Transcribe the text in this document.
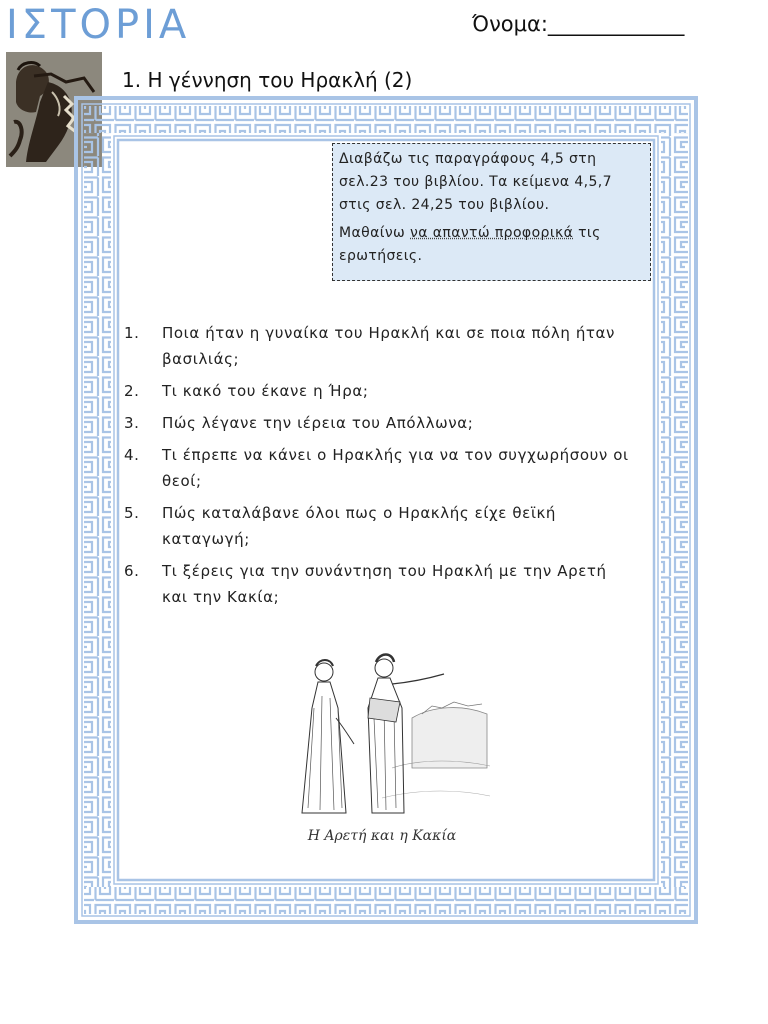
ΙΣΤΟΡΙΑ	Όνομα:_____________
1. Η γέννηση του Ηρακλή (2)

Διαβάζω τις παραγράφους 4,5 στη σελ.23 του βιβλίου. Τα κείμενα 4,5,7 στις σελ. 24,25 του βιβλίου.

Μαθαίνω να απαντώ προφορικά τις ερωτήσεις.

1. Ποια ήταν η γυναίκα του Ηρακλή και σε ποια πόλη ήταν βασιλιάς;
2. Τι κακό του έκανε η Ήρα;
3. Πώς λέγανε την ιέρεια του Απόλλωνα;
4. Τι έπρεπε να κάνει ο Ηρακλής για να τον συγχωρήσουν οι θεοί;
5. Πώς καταλάβανε όλοι πως ο Ηρακλής είχε θεϊκή καταγωγή;
6. Τι ξέρεις για την συνάντηση του Ηρακλή με την Αρετή και την Κακία;
Η Αρετή και η Κακία
